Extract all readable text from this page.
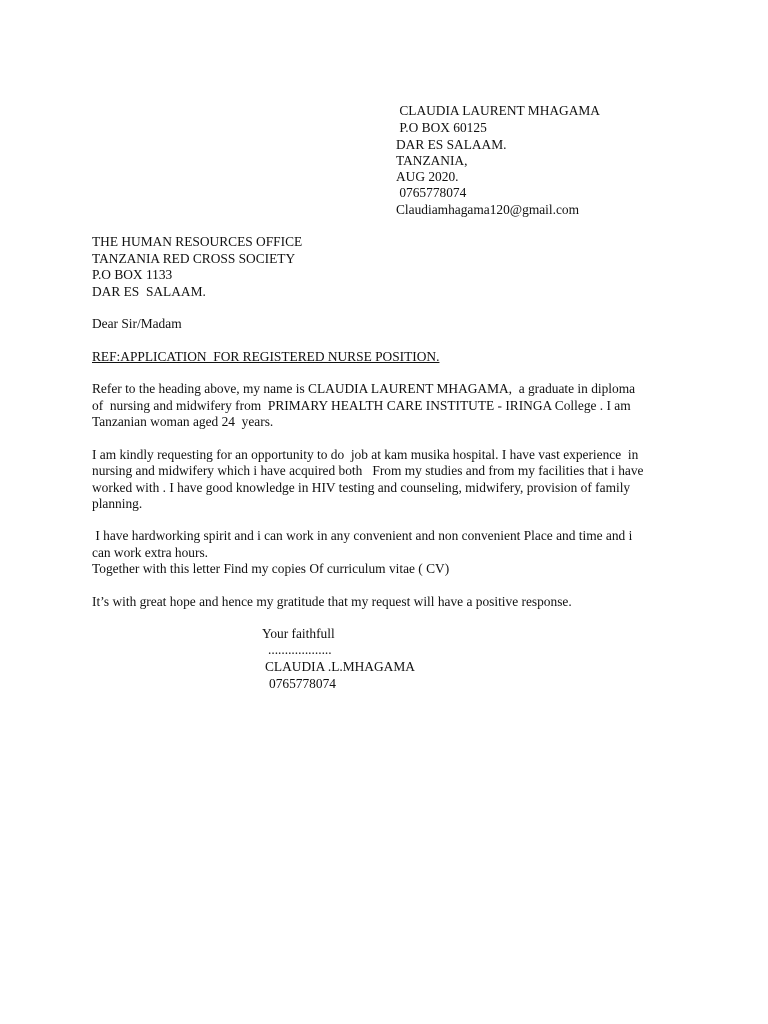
CLAUDIA LAURENT MHAGAMA

P.O BOX 60125

DAR ES SALAAM.

TANZANIA,

AUG 2020.

0765778074

Claudiamhagama120@gmail.com

THE HUMAN RESOURCES OFFICE

TANZANIA RED CROSS SOCIETY

P.O BOX 1133

DAR ES  SALAAM.

Dear Sir/Madam

REF:APPLICATION  FOR REGISTERED NURSE POSITION.

Refer to the heading above, my name is CLAUDIA LAURENT MHAGAMA,  a graduate in diploma

of  nursing and midwifery from  PRIMARY HEALTH CARE INSTITUTE - IRINGA College . I am

Tanzanian woman aged 24  years.

I am kindly requesting for an opportunity to do  job at kam musika hospital. I have vast experience  in

nursing and midwifery which i have acquired both   From my studies and from my facilities that i have

worked with . I have good knowledge in HIV testing and counseling, midwifery, provision of family

planning.

I have hardworking spirit and i can work in any convenient and non convenient Place and time and i

can work extra hours.

Together with this letter Find my copies Of curriculum vitae ( CV)

It’s with great hope and hence my gratitude that my request will have a positive response.

Your faithfull

...................

CLAUDIA .L.MHAGAMA

0765778074
